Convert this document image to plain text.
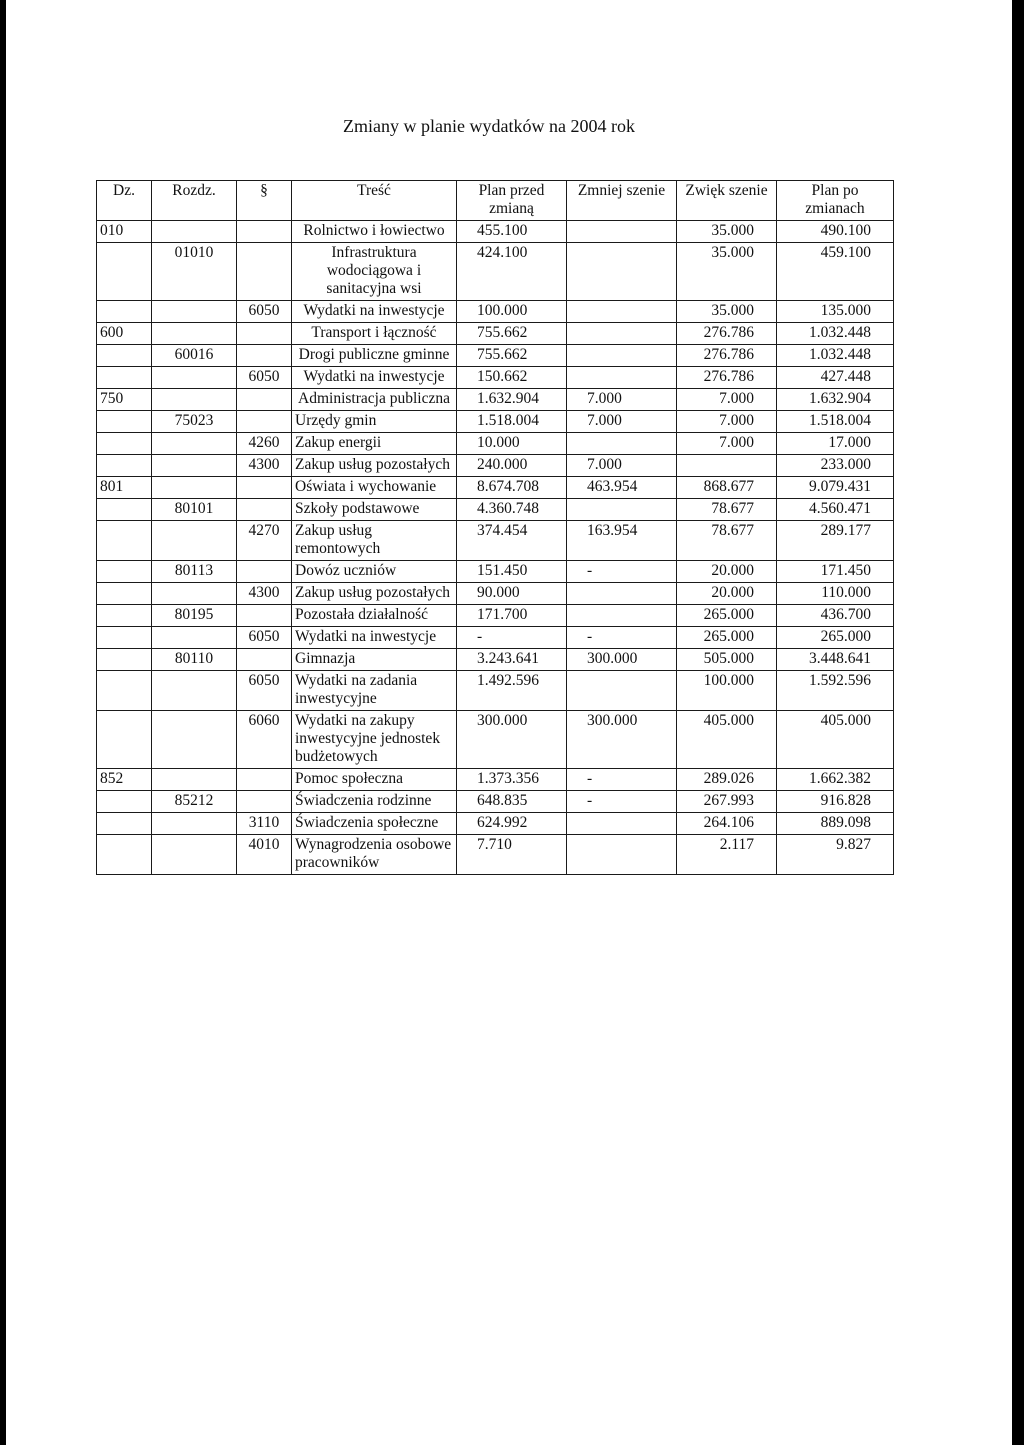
Zmiany w planie wydatków na 2004 rok
Dz.	Rozdz.	§	Treść	Plan przed zmianą	Zmniej szenie	Zwięk szenie	Plan po zmianach
010			Rolnictwo i łowiectwo	455.100		35.000	490.100
	01010		Infrastruktura wodociągowa i sanitacyjna wsi	424.100		35.000	459.100
		6050	Wydatki na inwestycje	100.000		35.000	135.000
600			Transport i łączność	755.662		276.786	1.032.448
	60016		Drogi publiczne gminne	755.662		276.786	1.032.448
		6050	Wydatki na inwestycje	150.662		276.786	427.448
750			Administracja publiczna	1.632.904	7.000	7.000	1.632.904
	75023		Urzędy gmin	1.518.004	7.000	7.000	1.518.004
		4260	Zakup energii	10.000		7.000	17.000
		4300	Zakup usług pozostałych	240.000	7.000		233.000
801			Oświata i wychowanie	8.674.708	463.954	868.677	9.079.431
	80101		Szkoły podstawowe	4.360.748		78.677	4.560.471
		4270	Zakup usług remontowych	374.454	163.954	78.677	289.177
	80113		Dowóz uczniów	151.450	-	20.000	171.450
		4300	Zakup usług pozostałych	90.000		20.000	110.000
	80195		Pozostała działalność	171.700		265.000	436.700
		6050	Wydatki na inwestycje	-	-	265.000	265.000
	80110		Gimnazja	3.243.641	300.000	505.000	3.448.641
		6050	Wydatki na zadania inwestycyjne	1.492.596		100.000	1.592.596
		6060	Wydatki na zakupy inwestycyjne jednostek budżetowych	300.000	300.000	405.000	405.000
852			Pomoc społeczna	1.373.356	-	289.026	1.662.382
	85212		Świadczenia rodzinne	648.835	-	267.993	916.828
		3110	Świadczenia społeczne	624.992		264.106	889.098
		4010	Wynagrodzenia osobowe pracowników	7.710		2.117	9.827
